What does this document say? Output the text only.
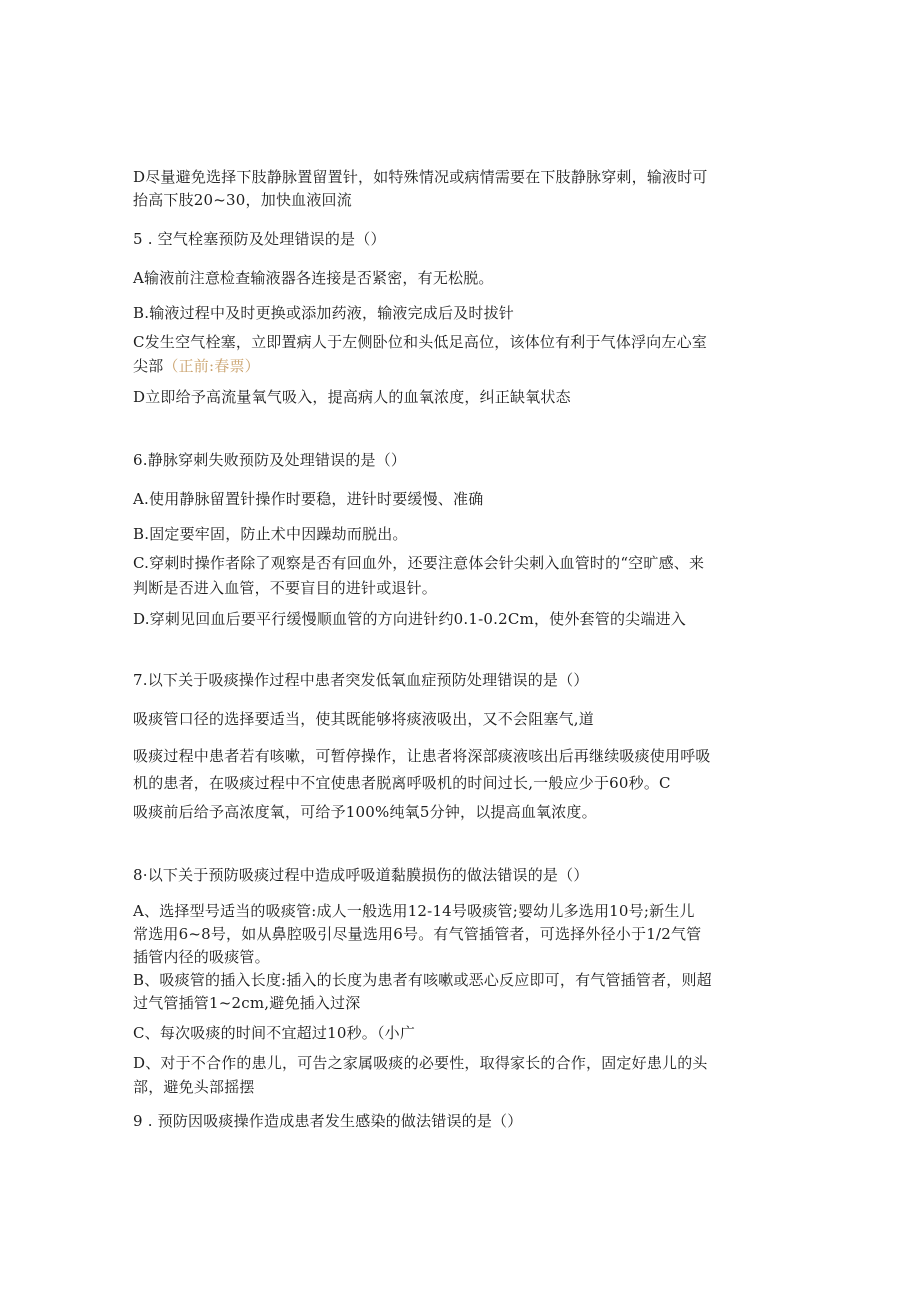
D尽量避免选择下肢静脉置留置针，如特殊情况或病情需要在下肢静脉穿刺，输液时可
抬高下肢20~30，加快血液回流
5 . 空气栓塞预防及处理错误的是（）
A输液前注意检查输液器各连接是否紧密，有无松脱。
B.输液过程中及时更换或添加药液，输液完成后及时拔针
C发生空气栓塞，立即置病人于左侧卧位和头低足高位，该体位有利于气体浮向左心室
尖部（正前:春票）
D立即给予高流量氧气吸入，提高病人的血氧浓度，纠正缺氧状态
6.静脉穿刺失败预防及处理错误的是（）
A.使用静脉留置针操作时要稳，进针时要缓慢、准确
B.固定要牢固，防止术中因躁劫而脱出。
C.穿刺时操作者除了观察是否有回血外，还要注意体会针尖刺入血管时的“空旷感、来
判断是否进入血管，不要盲目的进针或退针。
D.穿刺见回血后要平行缓慢顺血管的方向进针约0.1-0.2Cm，使外套管的尖端进入
7.以下关于吸痰操作过程中患者突发低氧血症预防处理错误的是（）
吸痰管口径的选择要适当，使其既能够将痰液吸出，又不会阻塞气,道
吸痰过程中患者若有咳嗽，可暂停操作，让患者将深部痰液咳出后再继续吸痰使用呼吸
机的患者，在吸痰过程中不宜使患者脱离呼吸机的时间过长,一般应少于60秒。C
吸痰前后给予高浓度氧，可给予100%纯氧5分钟，以提高血氧浓度。
8·以下关于预防吸痰过程中造成呼吸道黏膜损伤的做法错误的是（）
A、选择型号适当的吸痰管:成人一般选用12-14号吸痰管;婴幼儿多选用10号;新生儿
常选用6~8号，如从鼻腔吸引尽量选用6号。有气管插管者，可选择外径小于1/2气管
插管内径的吸痰管。
B、吸痰管的插入长度:插入的长度为患者有咳嗽或恶心反应即可，有气管插管者，则超
过气管插管1~2cm,避免插入过深
C、每次吸痰的时间不宜超过10秒。（小广
D、对于不合作的患儿，可告之家属吸痰的必要性，取得家长的合作，固定好患儿的头
部，避免头部摇摆
9 . 预防因吸痰操作造成患者发生感染的做法错误的是（）
